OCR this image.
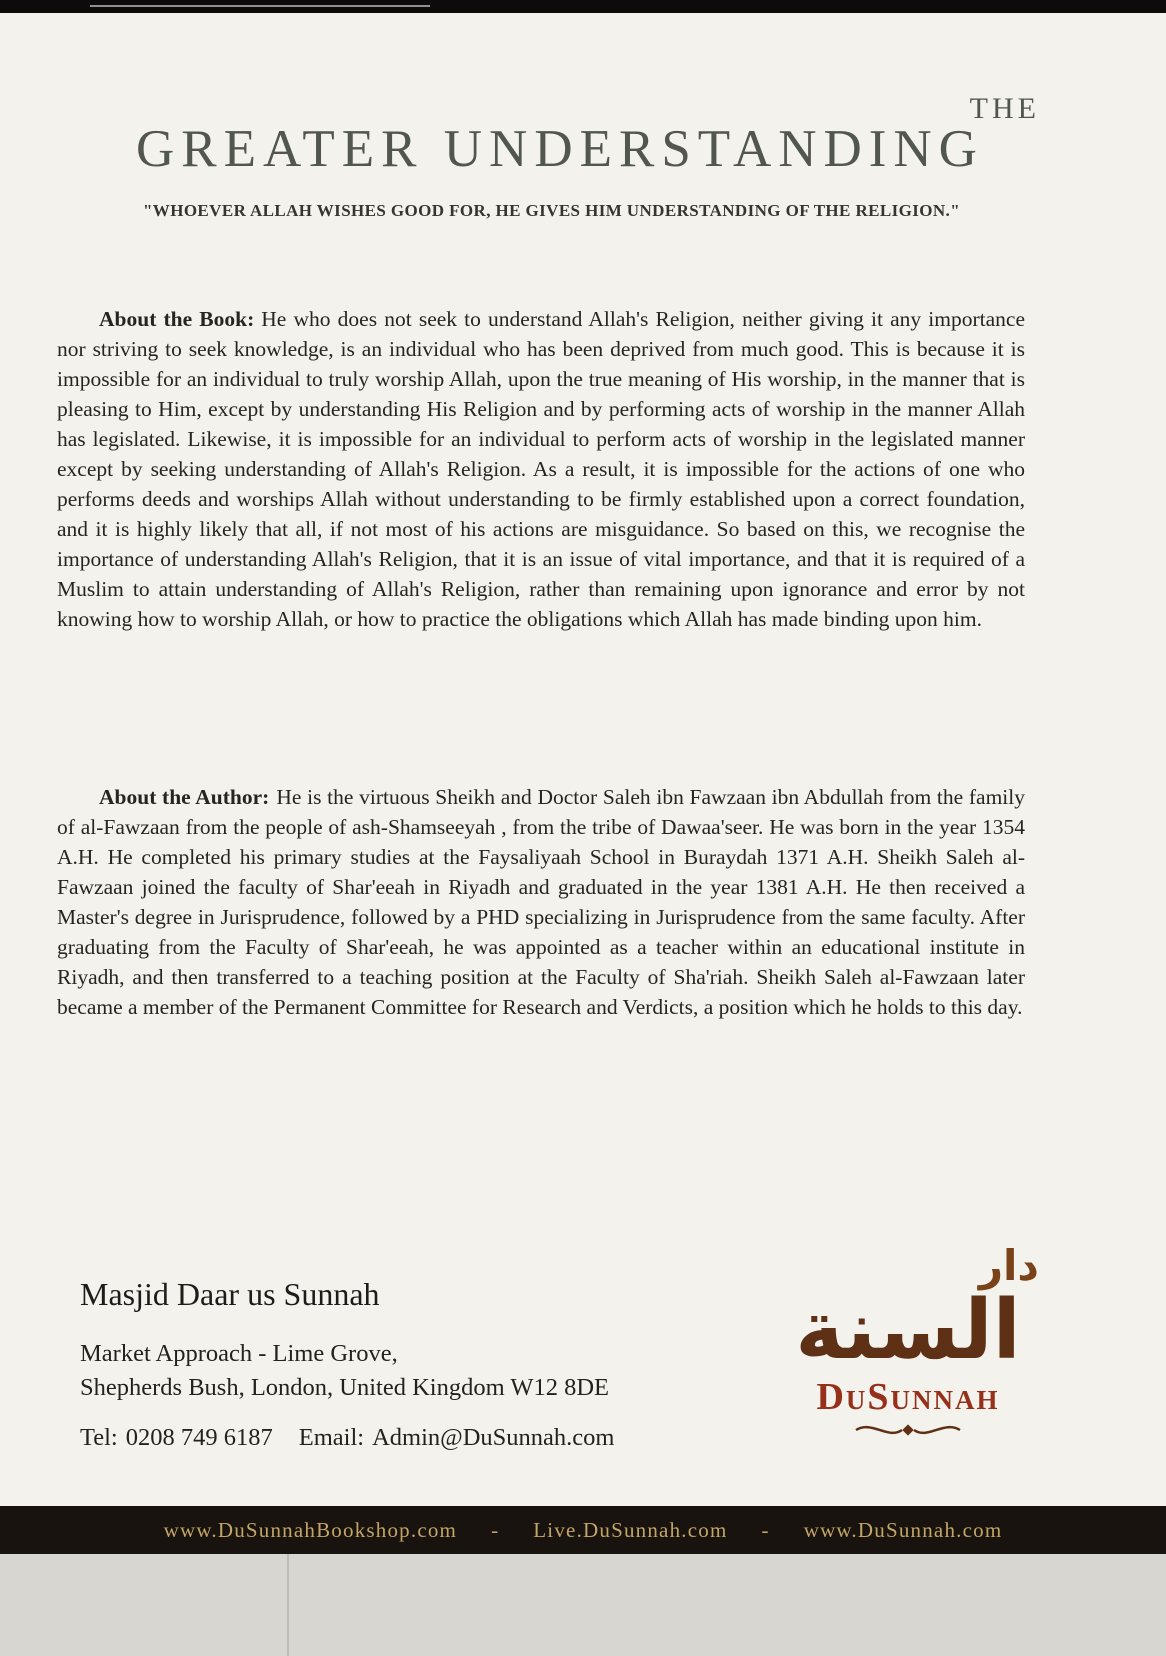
THE
GREATER UNDERSTANDING
"WHOEVER ALLAH WISHES GOOD FOR, HE GIVES HIM UNDERSTANDING OF THE RELIGION."

About the Book: He who does not seek to understand Allah's Religion, neither giving it any importance nor striving to seek knowledge, is an individual who has been deprived from much good. This is because it is impossible for an individual to truly worship Allah, upon the true meaning of His worship, in the manner that is pleasing to Him, except by understanding His Religion and by performing acts of worship in the manner Allah has legislated. Likewise, it is impossible for an individual to perform acts of worship in the legislated manner except by seeking understanding of Allah's Religion. As a result, it is impossible for the actions of one who performs deeds and worships Allah without understanding to be firmly established upon a correct foundation, and it is highly likely that all, if not most of his actions are misguidance. So based on this, we recognise the importance of understanding Allah's Religion, that it is an issue of vital importance, and that it is required of a Muslim to attain understanding of Allah's Religion, rather than remaining upon ignorance and error by not knowing how to worship Allah, or how to practice the obligations which Allah has made binding upon him.

About the Author: He is the virtuous Sheikh and Doctor Saleh ibn Fawzaan ibn Abdullah from the family of al-Fawzaan from the people of ash-Shamseeyah , from the tribe of Dawaa'seer. He was born in the year 1354 A.H. He completed his primary studies at the Faysaliyaah School in Buraydah 1371 A.H. Sheikh Saleh al-Fawzaan joined the faculty of Shar'eeah in Riyadh and graduated in the year 1381 A.H. He then received a Master's degree in Jurisprudence, followed by a PHD specializing in Jurisprudence from the same faculty. After graduating from the Faculty of Shar'eeah, he was appointed as a teacher within an educational institute in Riyadh, and then transferred to a teaching position at the Faculty of Sha'riah. Sheikh Saleh al-Fawzaan later became a member of the Permanent Committee for Research and Verdicts, a position which he holds to this day.

Masjid Daar us Sunnah
Market Approach - Lime Grove,
Shepherds Bush, London, United Kingdom W12 8DE
Tel: 0208 749 6187 Email: Admin@DuSunnah.com
دار
السنة
DuSunnah
www.DuSunnahBookshop.com - Live.DuSunnah.com - www.DuSunnah.com
